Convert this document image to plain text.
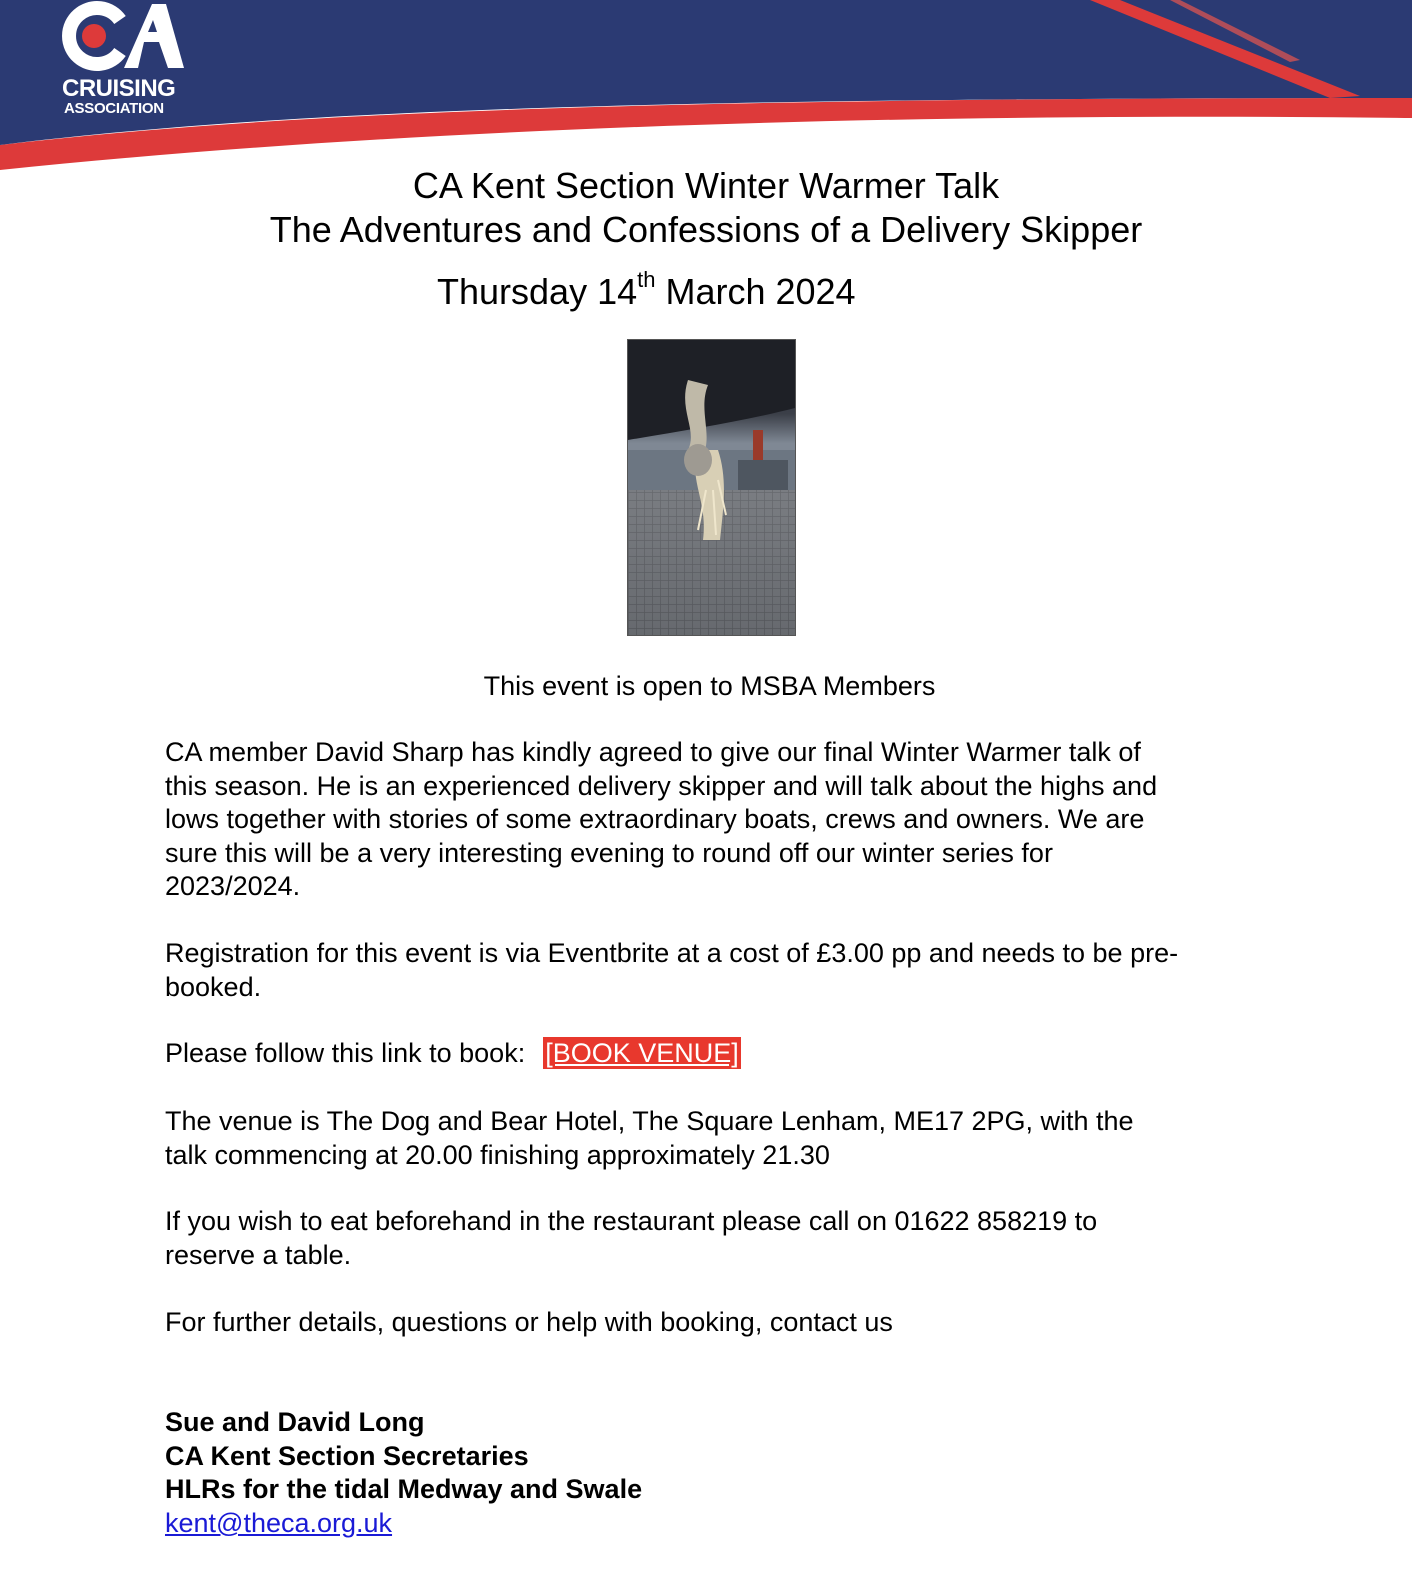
CRUISING
ASSOCIATION
CA Kent Section Winter Warmer Talk
The Adventures and Confessions of a Delivery Skipper
Thursday 14th March 2024
This event is open to MSBA Members
CA member David Sharp has kindly agreed to give our final Winter Warmer talk of
this season. He is an experienced delivery skipper and will talk about the highs and
lows together with stories of some extraordinary boats, crews and owners. We are
sure this will be a very interesting evening to round off our winter series for
2023/2024.
Registration for this event is via Eventbrite at a cost of £3.00 pp and needs to be pre-
booked.
Please follow this link to book: [BOOK VENUE]
The venue is The Dog and Bear Hotel, The Square Lenham, ME17 2PG, with the
talk commencing at 20.00 finishing approximately 21.30
If you wish to eat beforehand in the restaurant please call on 01622 858219 to
reserve a table.
For further details, questions or help with booking, contact us
Sue and David Long
CA Kent Section Secretaries
HLRs for the tidal Medway and Swale
kent@theca.org.uk
